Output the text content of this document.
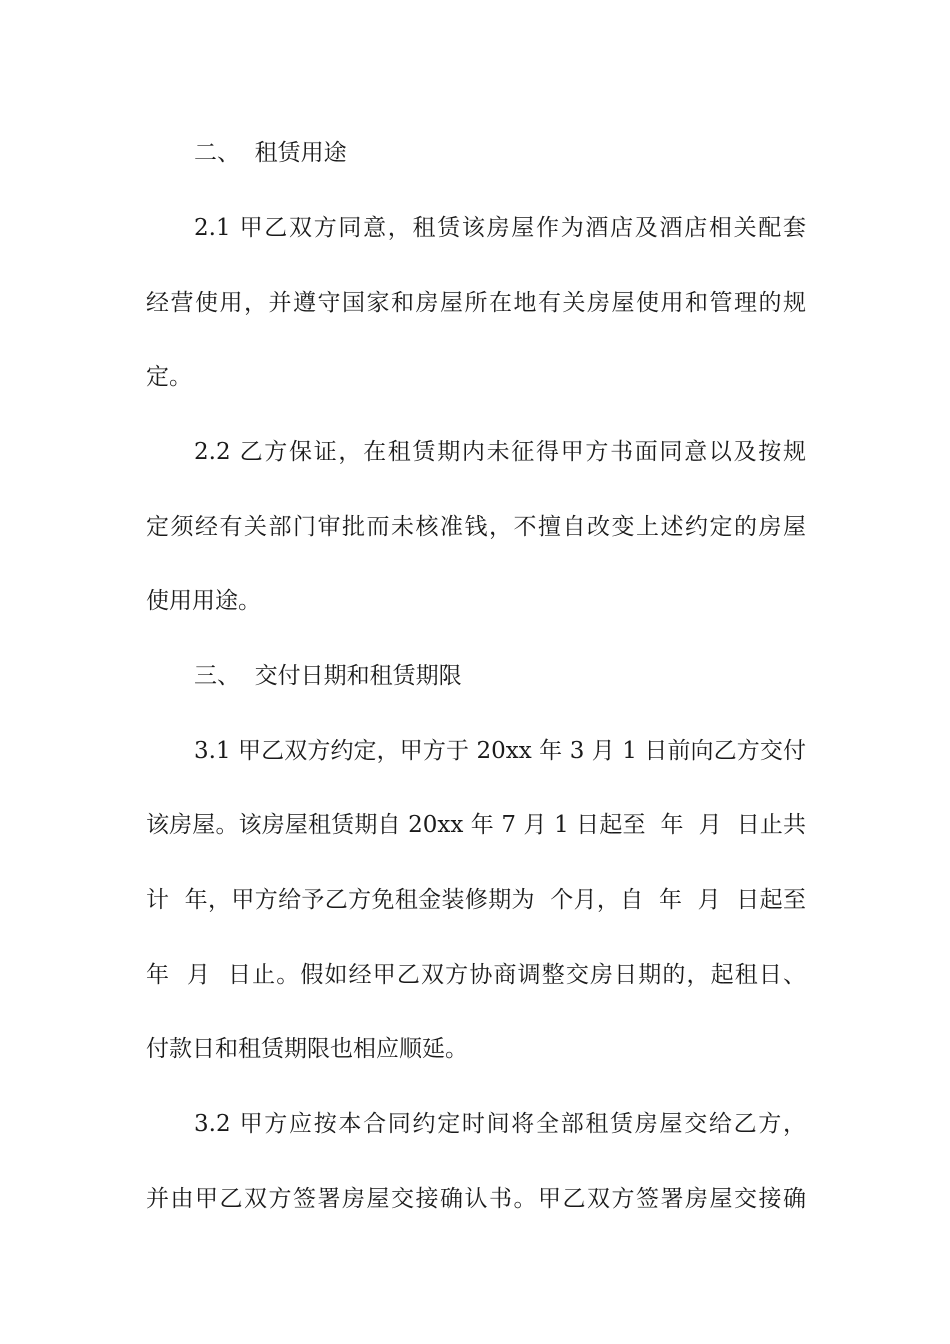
二、  租赁用途
2.1 甲乙双方同意，租赁该房屋作为酒店及酒店相关配套
经营使用，并遵守国家和房屋所在地有关房屋使用和管理的规
定。
2.2 乙方保证，在租赁期内未征得甲方书面同意以及按规
定须经有关部门审批而未核准钱，不擅自改变上述约定的房屋
使用用途。
三、  交付日期和租赁期限
3.1 甲乙双方约定，甲方于 20xx 年 3 月 1 日前向乙方交付
该房屋。该房屋租赁期自 20xx 年 7 月 1 日起至  年  月  日止共
计  年，甲方给予乙方免租金装修期为  个月，自  年  月  日起至
年  月  日止。假如经甲乙双方协商调整交房日期的，起租日、
付款日和租赁期限也相应顺延。
3.2 甲方应按本合同约定时间将全部租赁房屋交给乙方，
并由甲乙双方签署房屋交接确认书。甲乙双方签署房屋交接确
